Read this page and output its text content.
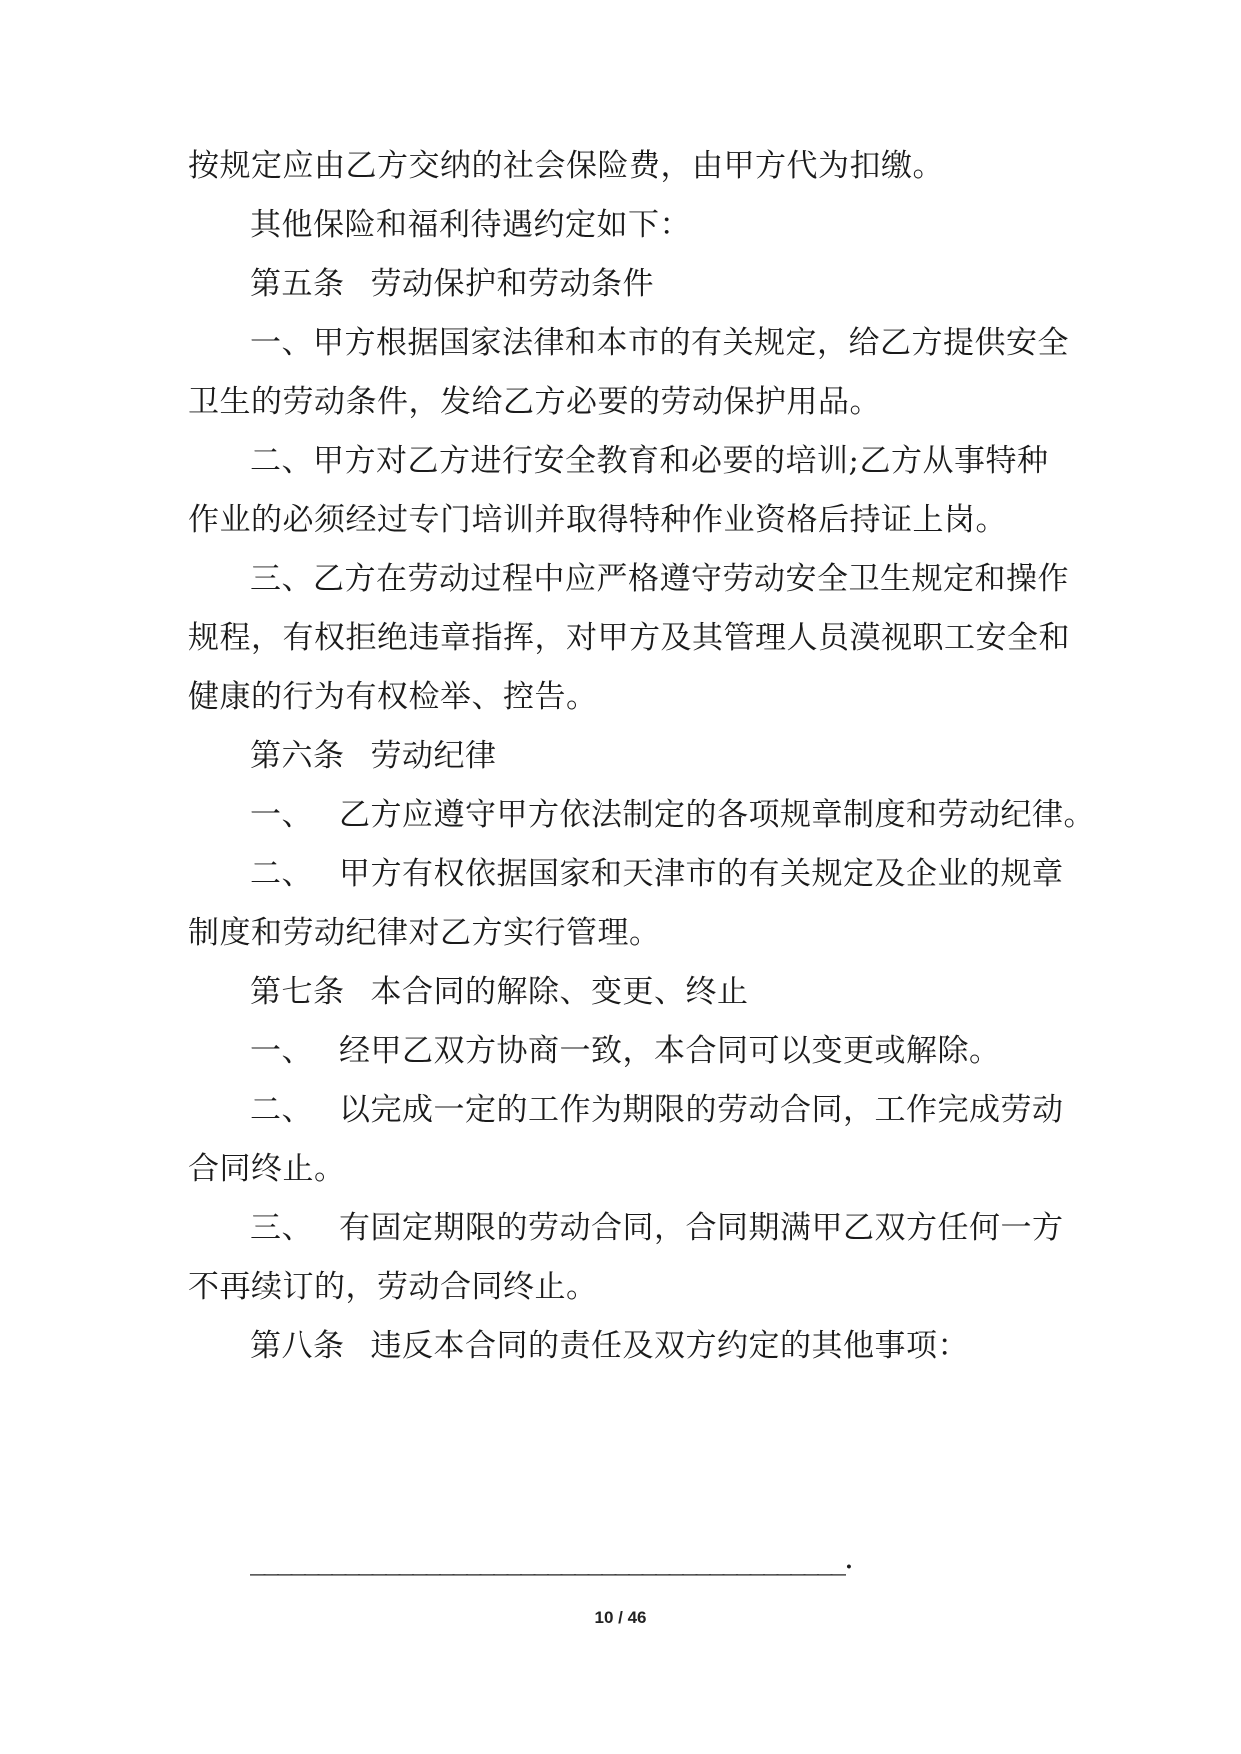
按规定应由乙方交纳的社会保险费，由甲方代为扣缴。
其他保险和福利待遇约定如下：
第五条 劳动保护和劳动条件
一、甲方根据国家法律和本市的有关规定，给乙方提供安全
卫生的劳动条件，发给乙方必要的劳动保护用品。
二、甲方对乙方进行安全教育和必要的培训;乙方从事特种
作业的必须经过专门培训并取得特种作业资格后持证上岗。
三、乙方在劳动过程中应严格遵守劳动安全卫生规定和操作
规程，有权拒绝违章指挥，对甲方及其管理人员漠视职工安全和
健康的行为有权检举、控告。
第六条 劳动纪律
一、 乙方应遵守甲方依法制定的各项规章制度和劳动纪律。
二、 甲方有权依据国家和天津市的有关规定及企业的规章
制度和劳动纪律对乙方实行管理。
第七条 本合同的解除、变更、终止
一、 经甲乙双方协商一致，本合同可以变更或解除。
二、 以完成一定的工作为期限的劳动合同，工作完成劳动
合同终止。
三、 有固定期限的劳动合同，合同期满甲乙双方任何一方
不再续订的，劳动合同终止。
第八条 违反本合同的责任及双方约定的其他事项：
____________________________________________.
10 / 46
